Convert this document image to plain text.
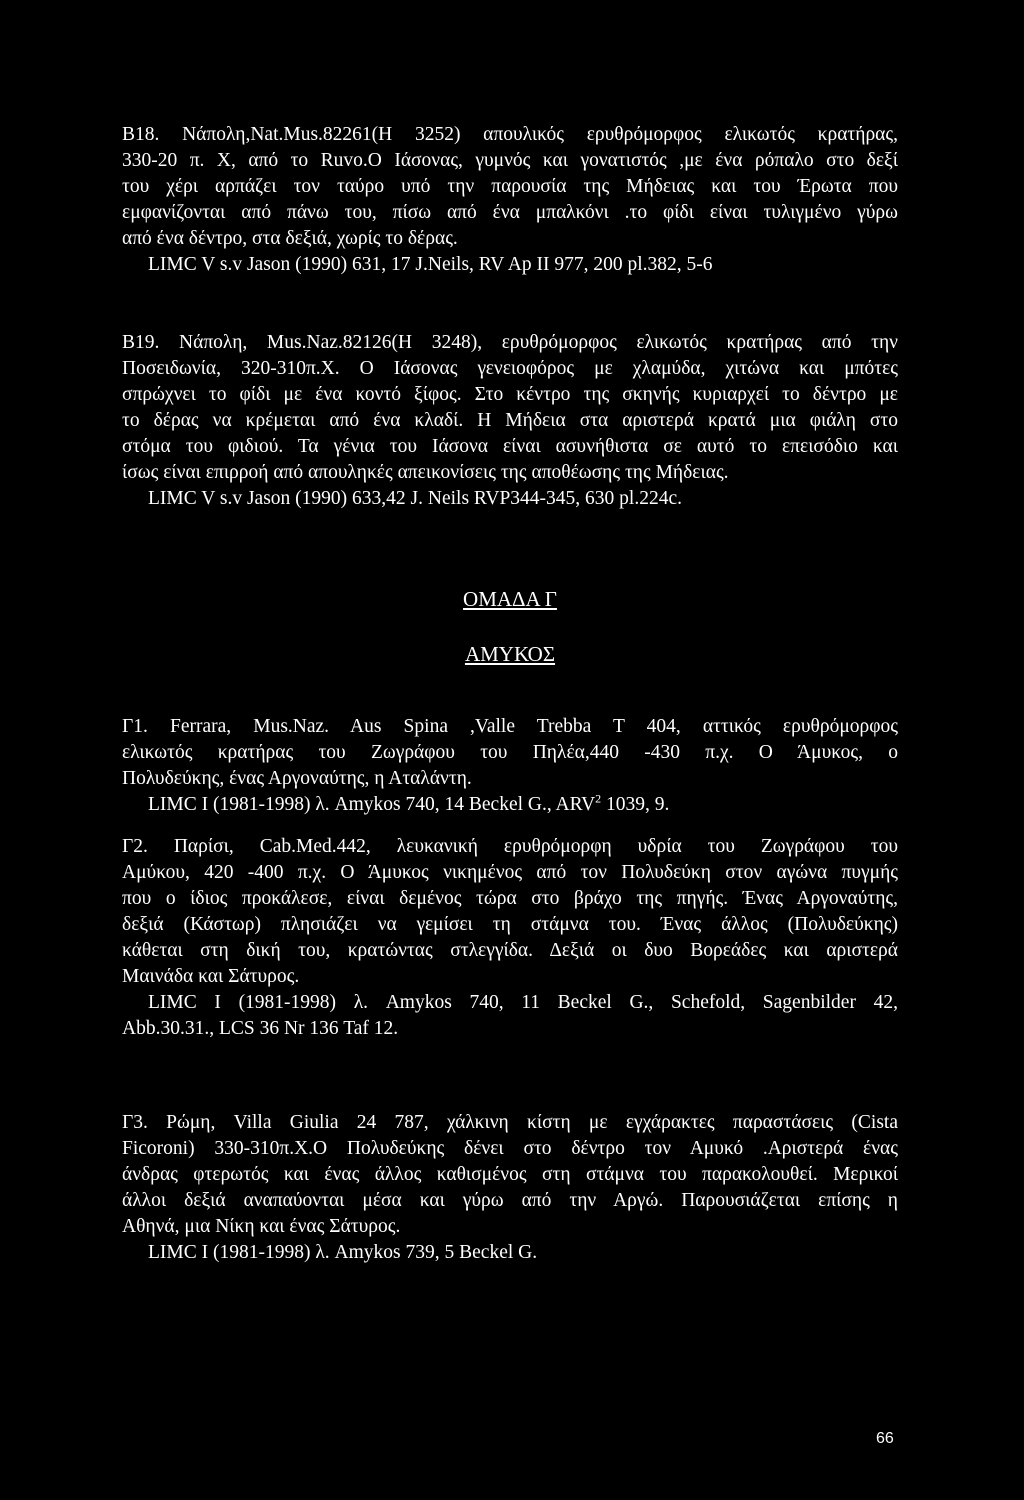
B18. Νάπολη,Nat.Mus.82261(H 3252) απουλικός ερυθρόμορφος ελικωτός κρατήρας,
330-20 π. Χ, από το Ruvo.Ο Ιάσονας, γυμνός και γονατιστός ,με ένα ρόπαλο στο δεξί
του χέρι αρπάζει τον ταύρο υπό την παρουσία της Μήδειας και του Έρωτα που
εμφανίζονται από πάνω του, πίσω από ένα μπαλκόνι .το φίδι είναι τυλιγμένο γύρω
από ένα δέντρο, στα δεξιά, χωρίς το δέρας.

LIMC V s.v Jason (1990) 631, 17 J.Neils, RV Ap II 977, 200 pl.382, 5-6

B19. Νάπολη, Mus.Naz.82126(H 3248), ερυθρόμορφος ελικωτός κρατήρας από την
Ποσειδωνία, 320-310π.Χ. Ο Ιάσονας γενειοφόρος με χλαμύδα, χιτώνα και μπότες
σπρώχνει το φίδι με ένα κοντό ξίφος. Στο κέντρο της σκηνής κυριαρχεί το δέντρο με
το δέρας να κρέμεται από ένα κλαδί. Η Μήδεια στα αριστερά κρατά μια φιάλη στο
στόμα του φιδιού. Τα γένια του Ιάσονα είναι ασυνήθιστα σε αυτό το επεισόδιο και
ίσως είναι επιρροή από απουληκές απεικονίσεις της αποθέωσης της Μήδειας.

LIMC V s.v Jason (1990) 633,42 J. Neils RVP344-345, 630 pl.224c.

ΟΜΑΔΑ Γ

ΑΜΥΚΟΣ

Γ1. Ferrara, Mus.Naz. Aus Spina ,Valle Trebba T 404, αττικός ερυθρόμορφος
ελικωτός κρατήρας του Ζωγράφου του Πηλέα,440 -430 π.χ. Ο Άμυκος, ο
Πολυδεύκης, ένας Αργοναύτης, η Αταλάντη.

LIMC I (1981-1998) λ. Amykos 740, 14 Beckel G., ARV$^2$ 1039, 9.

Γ2. Παρίσι, Cab.Med.442, λευκανική ερυθρόμορφη υδρία του Ζωγράφου του
Αμύκου, 420 -400 π.χ. Ο Άμυκος νικημένος από τον Πολυδεύκη στον αγώνα πυγμής
που ο ίδιος προκάλεσε, είναι δεμένος τώρα στο βράχο της πηγής. Ένας Αργοναύτης,
δεξιά (Κάστωρ) πλησιάζει να γεμίσει τη στάμνα του. Ένας άλλος (Πολυδεύκης)
κάθεται στη δική του, κρατώντας στλεγγίδα. Δεξιά οι δυο Βορεάδες και αριστερά
Μαινάδα και Σάτυρος.

LIMC I (1981-1998) λ. Amykos 740, 11 Beckel G., Schefold, Sagenbilder 42,

Abb.30.31., LCS 36 Nr 136 Taf 12.

Γ3. Ρώμη, Villa Giulia 24 787, χάλκινη κίστη με εγχάρακτες παραστάσεις (Cista
Ficoroni) 330-310π.Χ.Ο Πολυδεύκης δένει στο δέντρο τον Αμυκό .Αριστερά ένας
άνδρας φτερωτός και ένας άλλος καθισμένος στη στάμνα του παρακολουθεί. Μερικοί
άλλοι δεξιά αναπαύονται μέσα και γύρω από την Αργώ. Παρουσιάζεται επίσης η
Αθηνά, μια Νίκη και ένας Σάτυρος.

LIMC I (1981-1998) λ. Amykos 739, 5 Beckel G.

66
